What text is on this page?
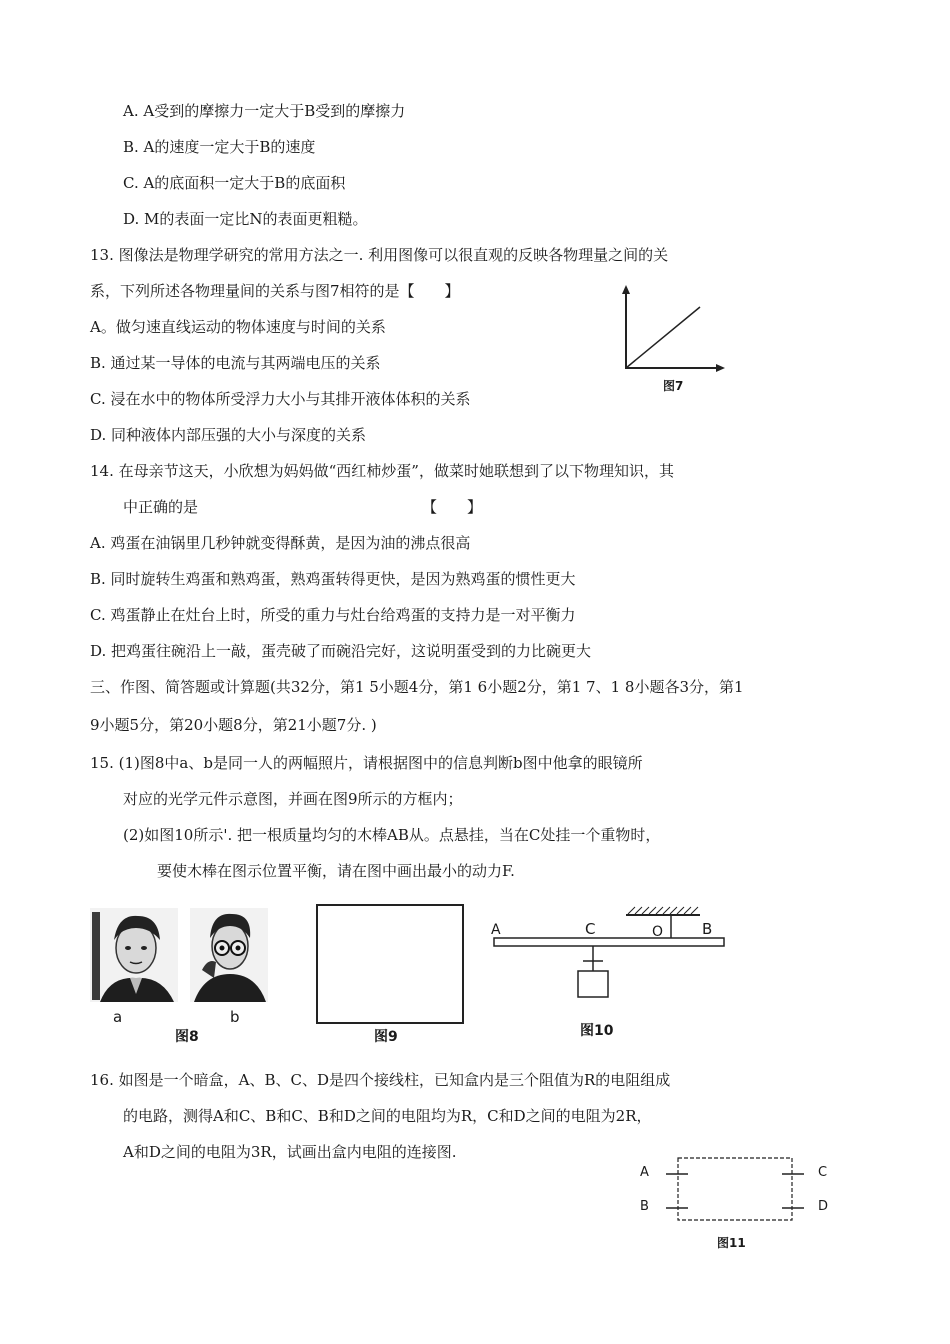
A. A受到的摩擦力一定大于B受到的摩擦力
B. A的速度一定大于B的速度
C. A的底面积一定大于B的底面积
D. M的表面一定比N的表面更粗糙。
13. 图像法是物理学研究的常用方法之一. 利用图像可以很直观的反映各物理量之间的关
系，下列所述各物理量间的关系与图7相符的是【　　】
A。做匀速直线运动的物体速度与时间的关系
B. 通过某一导体的电流与其两端电压的关系
C. 浸在水中的物体所受浮力大小与其排开液体体积的关系
D. 同种液体内部压强的大小与深度的关系
图7
14. 在母亲节这天，小欣想为妈妈做“西红柿炒蛋”，做菜时她联想到了以下物理知识，其
中正确的是	【　　】
A. 鸡蛋在油锅里几秒钟就变得酥黄，是因为油的沸点很高
B. 同时旋转生鸡蛋和熟鸡蛋，熟鸡蛋转得更快，是因为熟鸡蛋的惯性更大
C. 鸡蛋静止在灶台上时，所受的重力与灶台给鸡蛋的支持力是一对平衡力
D. 把鸡蛋往碗沿上一敲，蛋壳破了而碗沿完好，这说明蛋受到的力比碗更大
三、作图、简答题或计算题(共32分，第1 5小题4分，第1 6小题2分，第1 7、1 8小题各3分，第1
9小题5分，第20小题8分，第21小题7分. )
15. (1)图8中a、b是同一人的两幅照片，请根据图中的信息判断b图中他拿的眼镜所
对应的光学元件示意图，并画在图9所示的方框内；
(2)如图10所示'. 把一根质量均匀的木棒AB从。点悬挂，当在C处挂一个重物时，
要使木棒在图示位置平衡，请在图中画出最小的动力F.
a	b
图8	图9
A	C	O	B
图10
16. 如图是一个暗盒，A、B、C、D是四个接线柱，已知盒内是三个阻值为R的电阻组成
的电路，测得A和C、B和C、B和D之间的电阻均为R，C和D之间的电阻为2R，
A和D之间的电阻为3R，试画出盒内电阻的连接图.
A
B
C
D
图11
